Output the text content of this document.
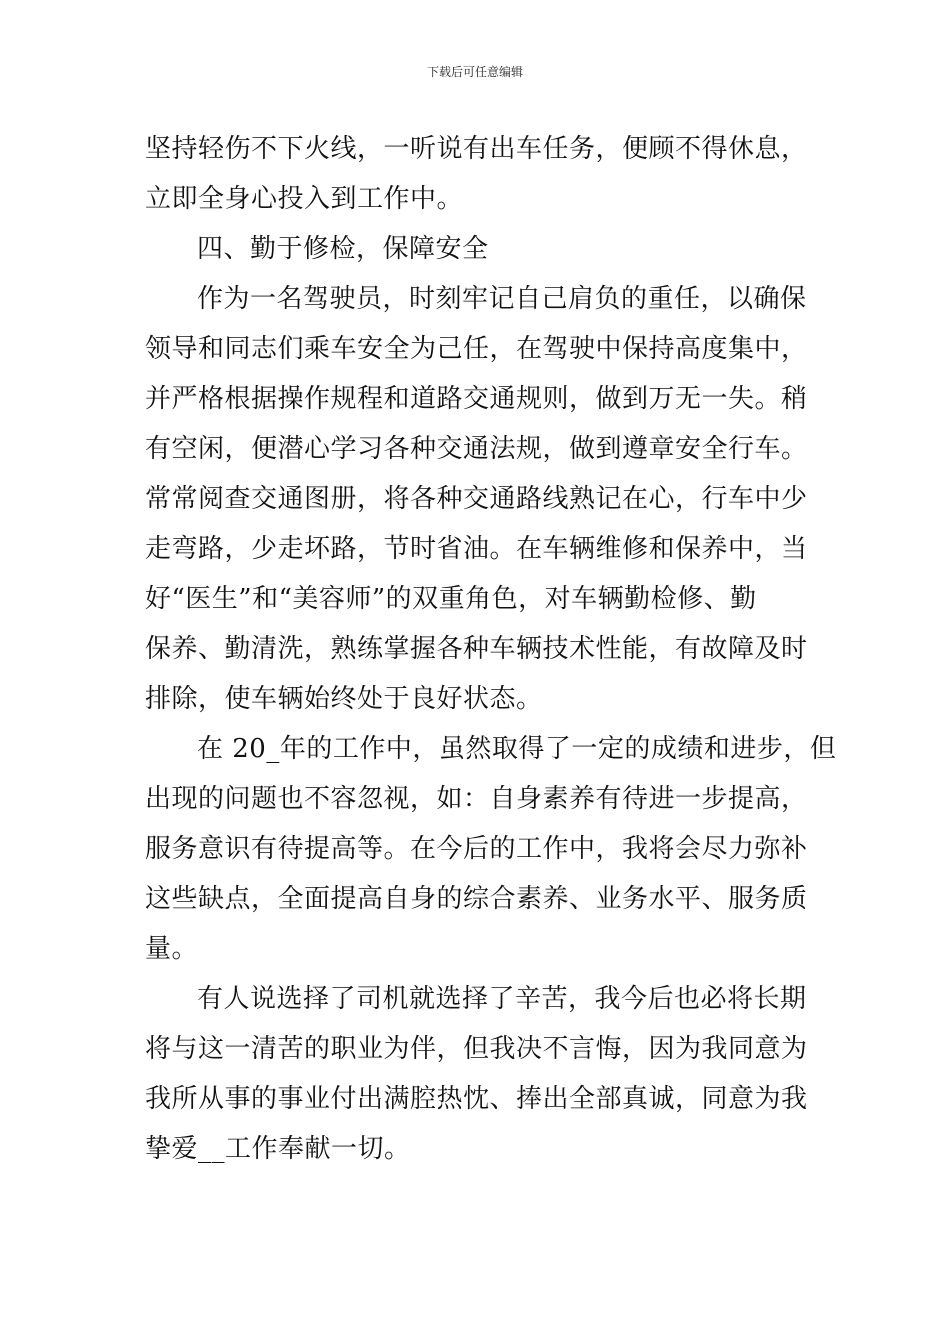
下载后可任意编辑
坚持轻伤不下火线，一听说有出车任务，便顾不得休息，
立即全身心投入到工作中。
四、勤于修检，保障安全
作为一名驾驶员，时刻牢记自己肩负的重任，以确保
领导和同志们乘车安全为己任，在驾驶中保持高度集中，
并严格根据操作规程和道路交通规则，做到万无一失。稍
有空闲，便潜心学习各种交通法规，做到遵章安全行车。
常常阅查交通图册，将各种交通路线熟记在心，行车中少
走弯路，少走坏路，节时省油。在车辆维修和保养中，当
好“医生”和“美容师”的双重角色，对车辆勤检修、勤
保养、勤清洗，熟练掌握各种车辆技术性能，有故障及时
排除，使车辆始终处于良好状态。
在 20_年的工作中，虽然取得了一定的成绩和进步，但
出现的问题也不容忽视，如：自身素养有待进一步提高，
服务意识有待提高等。在今后的工作中，我将会尽力弥补
这些缺点，全面提高自身的综合素养、业务水平、服务质
量。
有人说选择了司机就选择了辛苦，我今后也必将长期
将与这一清苦的职业为伴，但我决不言悔，因为我同意为
我所从事的事业付出满腔热忱、捧出全部真诚，同意为我
挚爱__工作奉献一切。
